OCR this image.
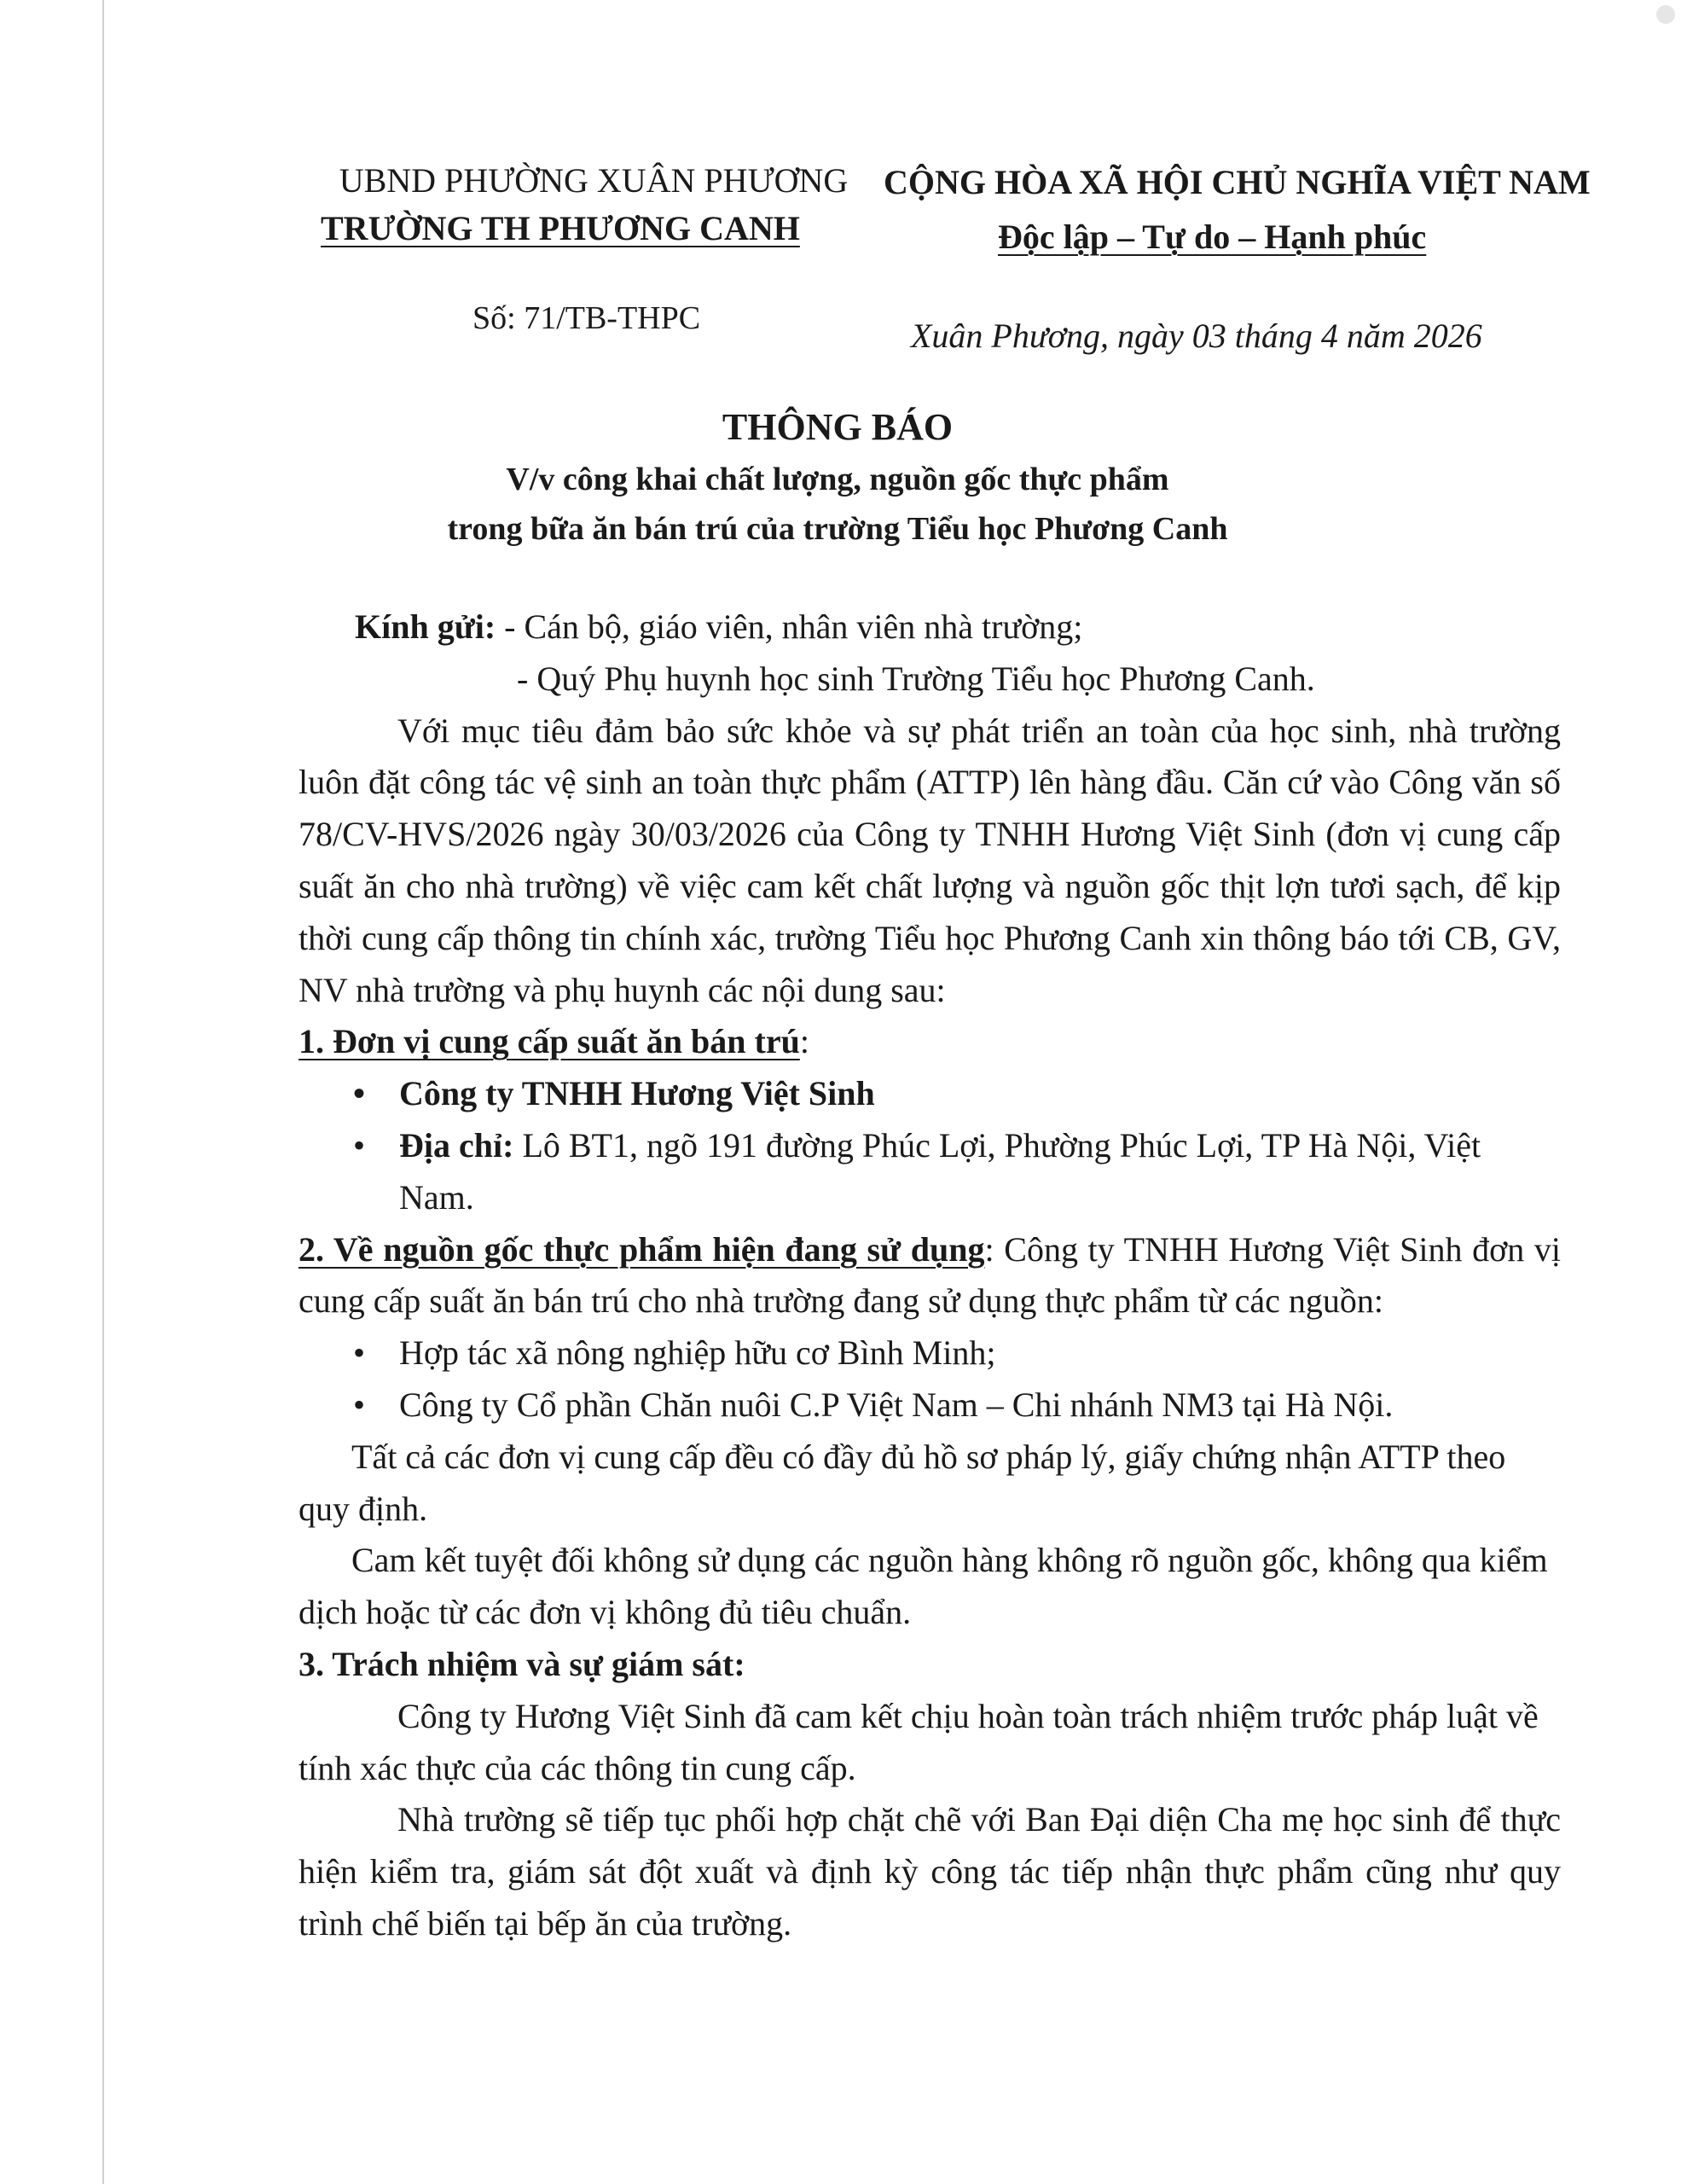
UBND PHƯỜNG XUÂN PHƯƠNG
TRƯỜNG TH PHƯƠNG CANH
Số: 71/TB-THPC
CỘNG HÒA XÃ HỘI CHỦ NGHĨA VIỆT NAM
Độc lập – Tự do – Hạnh phúc
Xuân Phương, ngày 03 tháng 4 năm 2026
THÔNG BÁO
V/v công khai chất lượng, nguồn gốc thực phẩm
trong bữa ăn bán trú của trường Tiểu học Phương Canh

Kính gửi: - Cán bộ, giáo viên, nhân viên nhà trường;

- Quý Phụ huynh học sinh Trường Tiểu học Phương Canh.

Với mục tiêu đảm bảo sức khỏe và sự phát triển an toàn của học sinh, nhà trường luôn đặt công tác vệ sinh an toàn thực phẩm (ATTP) lên hàng đầu. Căn cứ vào Công văn số 78/CV-HVS/2026 ngày 30/03/2026 của Công ty TNHH Hương Việt Sinh (đơn vị cung cấp suất ăn cho nhà trường) về việc cam kết chất lượng và nguồn gốc thịt lợn tươi sạch, để kịp thời cung cấp thông tin chính xác, trường Tiểu học Phương Canh xin thông báo tới CB, GV, NV nhà trường và phụ huynh các nội dung sau:

1. Đơn vị cung cấp suất ăn bán trú:

• Công ty TNHH Hương Việt Sinh
• Địa chỉ: Lô BT1, ngõ 191 đường Phúc Lợi, Phường Phúc Lợi, TP Hà Nội, Việt Nam.

2. Về nguồn gốc thực phẩm hiện đang sử dụng: Công ty TNHH Hương Việt Sinh đơn vị cung cấp suất ăn bán trú cho nhà trường đang sử dụng thực phẩm từ các nguồn:

• Hợp tác xã nông nghiệp hữu cơ Bình Minh;
• Công ty Cổ phần Chăn nuôi C.P Việt Nam – Chi nhánh NM3 tại Hà Nội.

Tất cả các đơn vị cung cấp đều có đầy đủ hồ sơ pháp lý, giấy chứng nhận ATTP theo quy định.

Cam kết tuyệt đối không sử dụng các nguồn hàng không rõ nguồn gốc, không qua kiểm dịch hoặc từ các đơn vị không đủ tiêu chuẩn.

3. Trách nhiệm và sự giám sát:

Công ty Hương Việt Sinh đã cam kết chịu hoàn toàn trách nhiệm trước pháp luật về tính xác thực của các thông tin cung cấp.

Nhà trường sẽ tiếp tục phối hợp chặt chẽ với Ban Đại diện Cha mẹ học sinh để thực hiện kiểm tra, giám sát đột xuất và định kỳ công tác tiếp nhận thực phẩm cũng như quy trình chế biến tại bếp ăn của trường.
